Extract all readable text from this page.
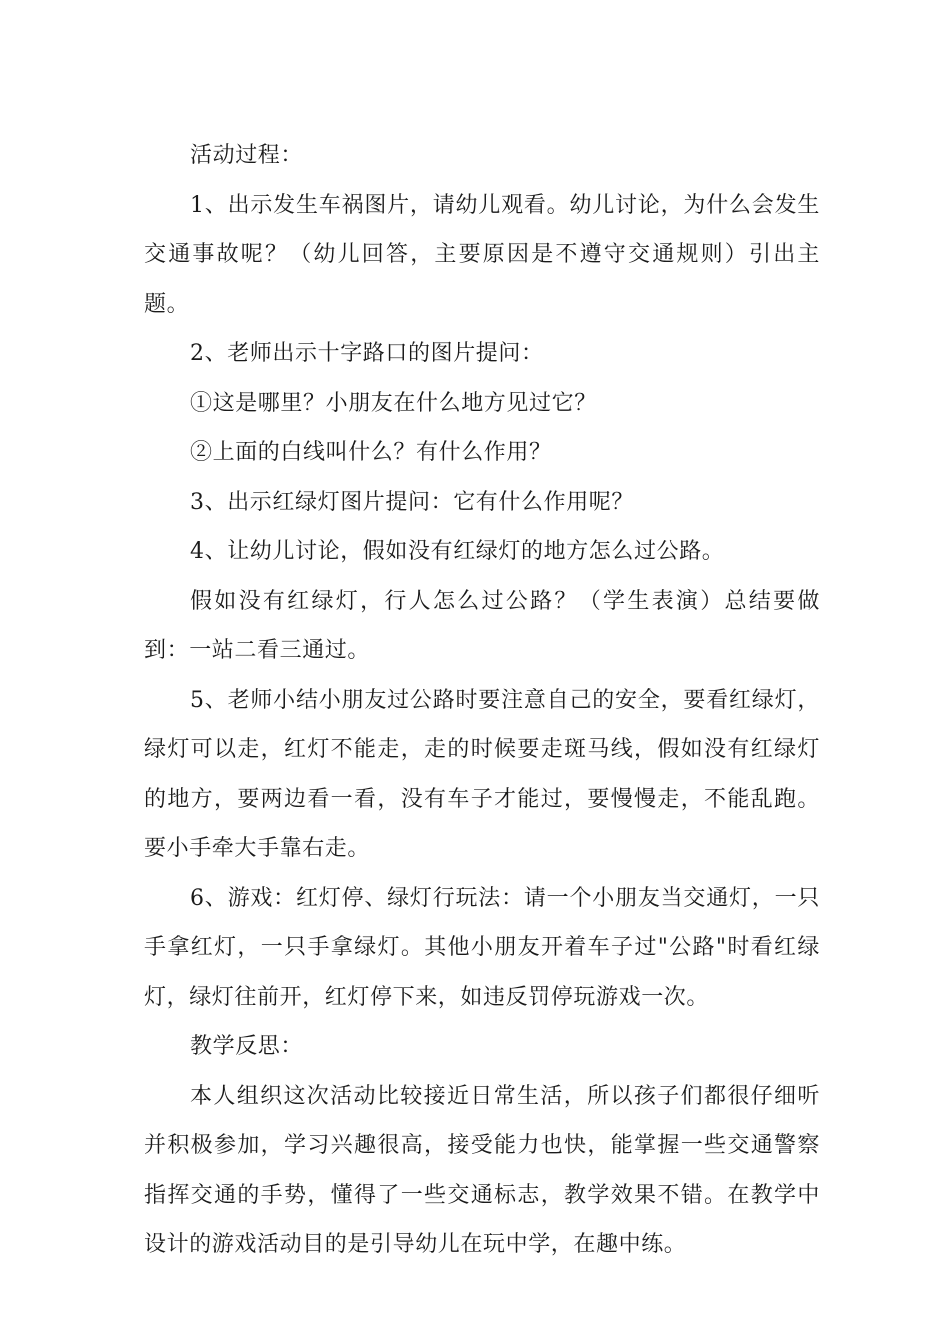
活动过程：

1、出示发生车祸图片，请幼儿观看。幼儿讨论，为什么会发生交通事故呢？（幼儿回答，主要原因是不遵守交通规则）引出主题。

2、老师出示十字路口的图片提问：

①这是哪里？小朋友在什么地方见过它？

②上面的白线叫什么？有什么作用？

3、出示红绿灯图片提问：它有什么作用呢？

4、让幼儿讨论，假如没有红绿灯的地方怎么过公路。

假如没有红绿灯，行人怎么过公路？（学生表演）总结要做到：一站二看三通过。

5、老师小结小朋友过公路时要注意自己的安全，要看红绿灯，绿灯可以走，红灯不能走，走的时候要走斑马线，假如没有红绿灯的地方，要两边看一看，没有车子才能过，要慢慢走，不能乱跑。要小手牵大手靠右走。

6、游戏：红灯停、绿灯行玩法：请一个小朋友当交通灯，一只手拿红灯，一只手拿绿灯。其他小朋友开着车子过"公路"时看红绿灯，绿灯往前开，红灯停下来，如违反罚停玩游戏一次。

教学反思：

本人组织这次活动比较接近日常生活，所以孩子们都很仔细听并积极参加，学习兴趣很高，接受能力也快，能掌握一些交通警察指挥交通的手势，懂得了一些交通标志，教学效果不错。在教学中设计的游戏活动目的是引导幼儿在玩中学，在趣中练。
